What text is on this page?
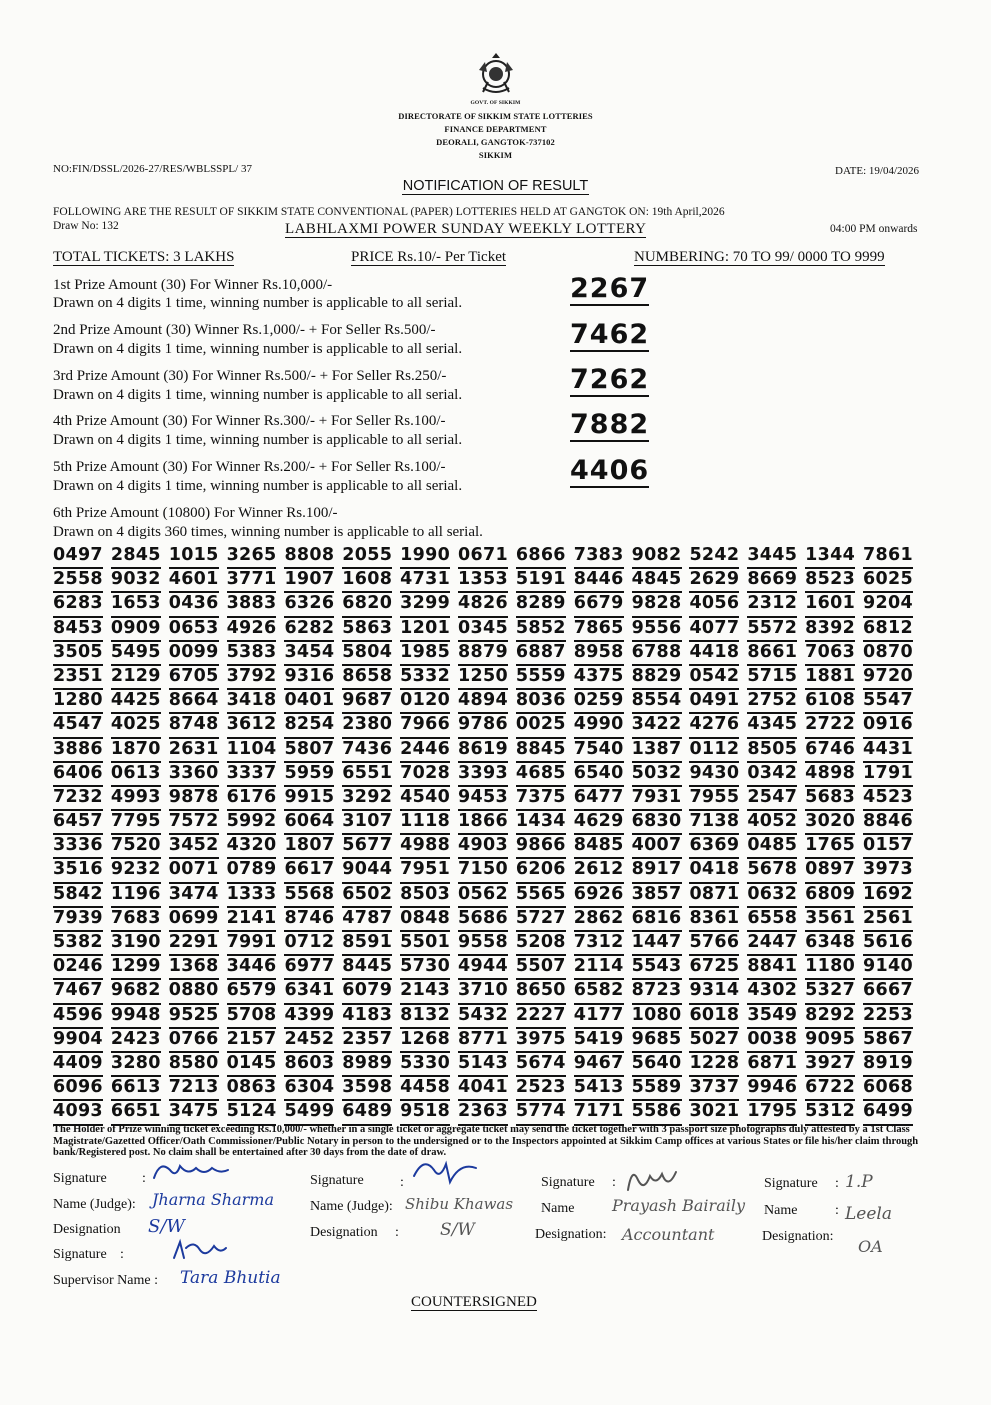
GOVT. OF SIKKIM
DIRECTORATE OF SIKKIM STATE LOTTERIES
FINANCE DEPARTMENT
DEORALI, GANGTOK-737102
SIKKIM
NO:FIN/DSSL/2026-27/RES/WBLSSPL/ 37	DATE: 19/04/2026
NOTIFICATION OF RESULT
FOLLOWING ARE THE RESULT OF SIKKIM STATE CONVENTIONAL (PAPER) LOTTERIES HELD AT GANGTOK ON: 19th April,2026
Draw No: 132	LABHLAXMI POWER SUNDAY WEEKLY LOTTERY	04:00 PM onwards
TOTAL TICKETS: 3 LAKHS	PRICE Rs.10/- Per Ticket	NUMBERING: 70 TO 99/ 0000 TO 9999
1st Prize Amount (30) For Winner Rs.10,000/-
Drawn on 4 digits 1 time, winning number is applicable to all serial.	2267
2nd Prize Amount (30) Winner Rs.1,000/- + For Seller Rs.500/-
Drawn on 4 digits 1 time, winning number is applicable to all serial.	7462
3rd Prize Amount (30) For Winner Rs.500/- + For Seller Rs.250/-
Drawn on 4 digits 1 time, winning number is applicable to all serial.	7262
4th Prize Amount (30) For Winner Rs.300/- + For Seller Rs.100/-
Drawn on 4 digits 1 time, winning number is applicable to all serial.	7882
5th Prize Amount (30) For Winner Rs.200/- + For Seller Rs.100/-
Drawn on 4 digits 1 time, winning number is applicable to all serial.	4406
6th Prize Amount (10800) For Winner Rs.100/-
Drawn on 4 digits 360 times, winning number is applicable to all serial.
0497 2845 1015 3265 8808 2055 1990 0671 6866 7383 9082 5242 3445 1344 7861
2558 9032 4601 3771 1907 1608 4731 1353 5191 8446 4845 2629 8669 8523 6025
6283 1653 0436 3883 6326 6820 3299 4826 8289 6679 9828 4056 2312 1601 9204
8453 0909 0653 4926 6282 5863 1201 0345 5852 7865 9556 4077 5572 8392 6812
3505 5495 0099 5383 3454 5804 1985 8879 6887 8958 6788 4418 8661 7063 0870
2351 2129 6705 3792 9316 8658 5332 1250 5559 4375 8829 0542 5715 1881 9720
1280 4425 8664 3418 0401 9687 0120 4894 8036 0259 8554 0491 2752 6108 5547
4547 4025 8748 3612 8254 2380 7966 9786 0025 4990 3422 4276 4345 2722 0916
3886 1870 2631 1104 5807 7436 2446 8619 8845 7540 1387 0112 8505 6746 4431
6406 0613 3360 3337 5959 6551 7028 3393 4685 6540 5032 9430 0342 4898 1791
7232 4993 9878 6176 9915 3292 4540 9453 7375 6477 7931 7955 2547 5683 4523
6457 7795 7572 5992 6064 3107 1118 1866 1434 4629 6830 7138 4052 3020 8846
3336 7520 3452 4320 1807 5677 4988 4903 9866 8485 4007 6369 0485 1765 0157
3516 9232 0071 0789 6617 9044 7951 7150 6206 2612 8917 0418 5678 0897 3973
5842 1196 3474 1333 5568 6502 8503 0562 5565 6926 3857 0871 0632 6809 1692
7939 7683 0699 2141 8746 4787 0848 5686 5727 2862 6816 8361 6558 3561 2561
5382 3190 2291 7991 0712 8591 5501 9558 5208 7312 1447 5766 2447 6348 5616
0246 1299 1368 3446 6977 8445 5730 4944 5507 2114 5543 6725 8841 1180 9140
7467 9682 0880 6579 6341 6079 2143 3710 8650 6582 8723 9314 4302 5327 6667
4596 9948 9525 5708 4399 4183 8132 5432 2227 4177 1080 6018 3549 8292 2253
9904 2423 0766 2157 2452 2357 1268 8771 3975 5419 9685 5027 0038 9095 5867
4409 3280 8580 0145 8603 8989 5330 5143 5674 9467 5640 1228 6871 3927 8919
6096 6613 7213 0863 6304 3598 4458 4041 2523 5413 5589 3737 9946 6722 6068
4093 6651 3475 5124 5499 6489 9518 2363 5774 7171 5586 3021 1795 5312 6499
The Holder of Prize winning ticket exceeding Rs.10,000/- whether in a single ticket or aggregate ticket may send the ticket together with 3 passport size photographs duly attested by a 1st Class Magistrate/Gazetted Officer/Oath Commissioner/Public Notary in person to the undersigned or to the Inspectors appointed at Sikkim Camp offices at various States or file his/her claim through bank/Registered post. No claim shall be entertained after 30 days from the date of draw.
Signature	:
Name (Judge): Jharna Sharma
Designation S/W
Signature :
Supervisor Name : Tara Bhutia
Signature	:
Name (Judge): Shibu Khawas
Designation : S/W
Signature :
Name Prayash Bairaily
Designation: Accountant
Signature : 1.P
Name	: Leela
Designation:
OA
COUNTERSIGNED
